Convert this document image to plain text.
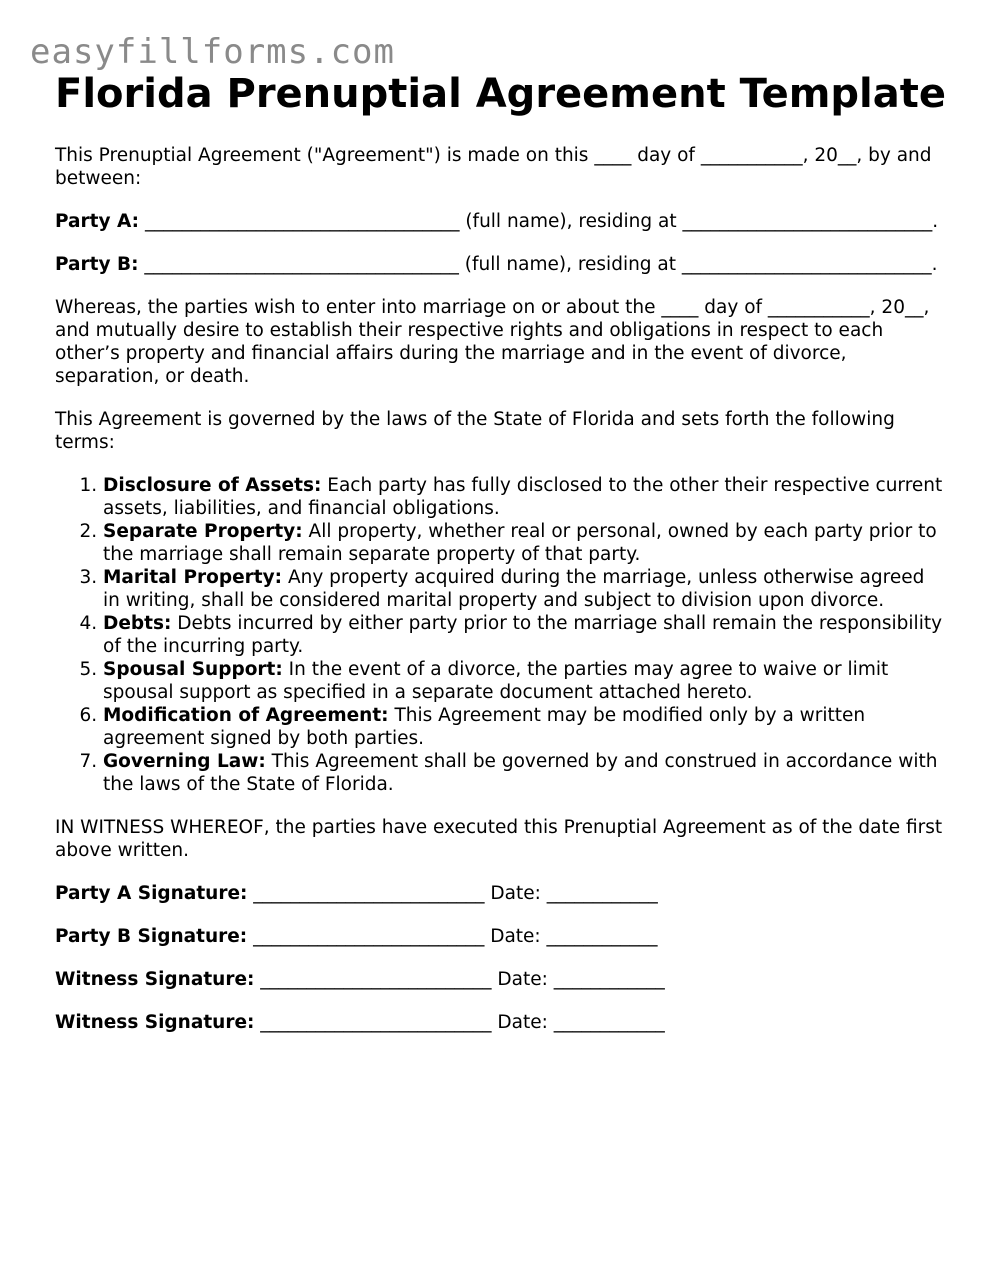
easyfillforms.com
Florida Prenuptial Agreement Template

This Prenuptial Agreement ("Agreement") is made on this ____ day of ___________, 20__, by and between:

Party A: __________________________________ (full name), residing at ___________________________.

Party B: __________________________________ (full name), residing at ___________________________.

Whereas, the parties wish to enter into marriage on or about the ____ day of ___________, 20__, and mutually desire to establish their respective rights and obligations in respect to each other’s property and financial affairs during the marriage and in the event of divorce, separation, or death.

This Agreement is governed by the laws of the State of Florida and sets forth the following terms:

1. Disclosure of Assets: Each party has fully disclosed to the other their respective current assets, liabilities, and financial obligations.
2. Separate Property: All property, whether real or personal, owned by each party prior to the marriage shall remain separate property of that party.
3. Marital Property: Any property acquired during the marriage, unless otherwise agreed in writing, shall be considered marital property and subject to division upon divorce.
4. Debts: Debts incurred by either party prior to the marriage shall remain the responsibility of the incurring party.
5. Spousal Support: In the event of a divorce, the parties may agree to waive or limit spousal support as specified in a separate document attached hereto.
6. Modification of Agreement: This Agreement may be modified only by a written agreement signed by both parties.
7. Governing Law: This Agreement shall be governed by and construed in accordance with the laws of the State of Florida.

IN WITNESS WHEREOF, the parties have executed this Prenuptial Agreement as of the date first above written.

Party A Signature: _________________________ Date: ____________

Party B Signature: _________________________ Date: ____________

Witness Signature: _________________________ Date: ____________

Witness Signature: _________________________ Date: ____________
